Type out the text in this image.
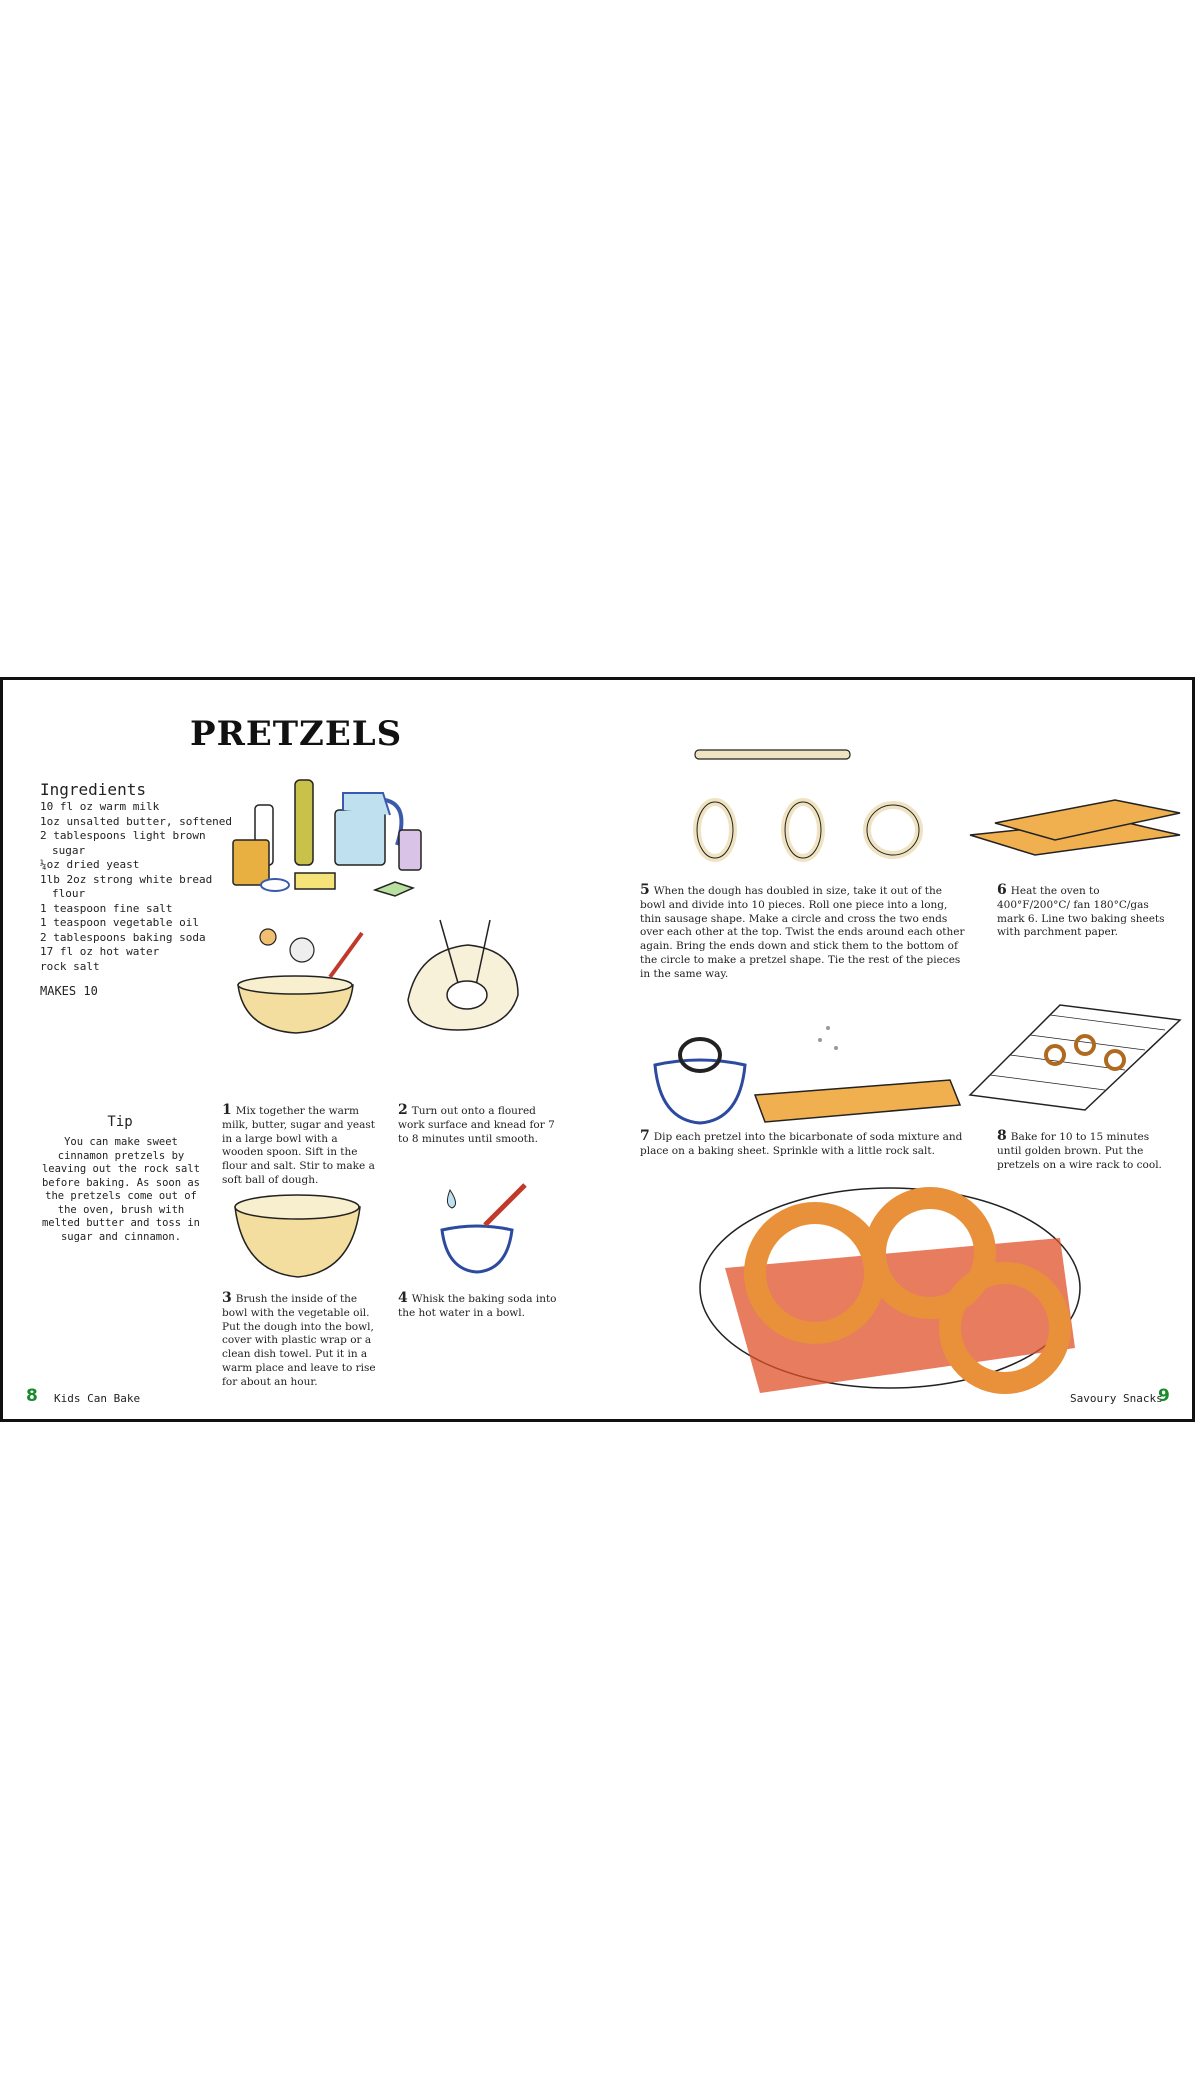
PRETZELS
Ingredients
10 fl oz warm milk
1oz unsalted butter, softened
2 tablespoons light brown
sugar
¼oz dried yeast
1lb 2oz strong white bread
flour
1 teaspoon fine salt
1 teaspoon vegetable oil
2 tablespoons baking soda
17 fl oz hot water
rock salt
MAKES 10
Tip
You can make sweet cinnamon pretzels by leaving out the rock salt before baking. As soon as the pretzels come out of the oven, brush with melted butter and toss in sugar and cinnamon.
1 Mix together the warm milk, butter, sugar and yeast in a large bowl with a wooden spoon. Sift in the flour and salt. Stir to make a soft ball of dough.
2 Turn out onto a floured work surface and knead for 7 to 8 minutes until smooth.
3 Brush the inside of the bowl with the vegetable oil. Put the dough into the bowl, cover with plastic wrap or a clean dish towel. Put it in a warm place and leave to rise for about an hour.
4 Whisk the baking soda into the hot water in a bowl.
5 When the dough has doubled in size, take it out of the bowl and divide into 10 pieces. Roll one piece into a long, thin sausage shape. Make a circle and cross the two ends over each other at the top. Twist the ends around each other again. Bring the ends down and stick them to the bottom of the circle to make a pretzel shape. Tie the rest of the pieces in the same way.
6 Heat the oven to 400°F/200°C/ fan 180°C/gas mark 6. Line two baking sheets with parchment paper.
7 Dip each pretzel into the bicarbonate of soda mixture and place on a baking sheet. Sprinkle with a little rock salt.
8 Bake for 10 to 15 minutes until golden brown. Put the pretzels on a wire rack to cool.
8 Kids Can Bake	Savoury Snacks
9
